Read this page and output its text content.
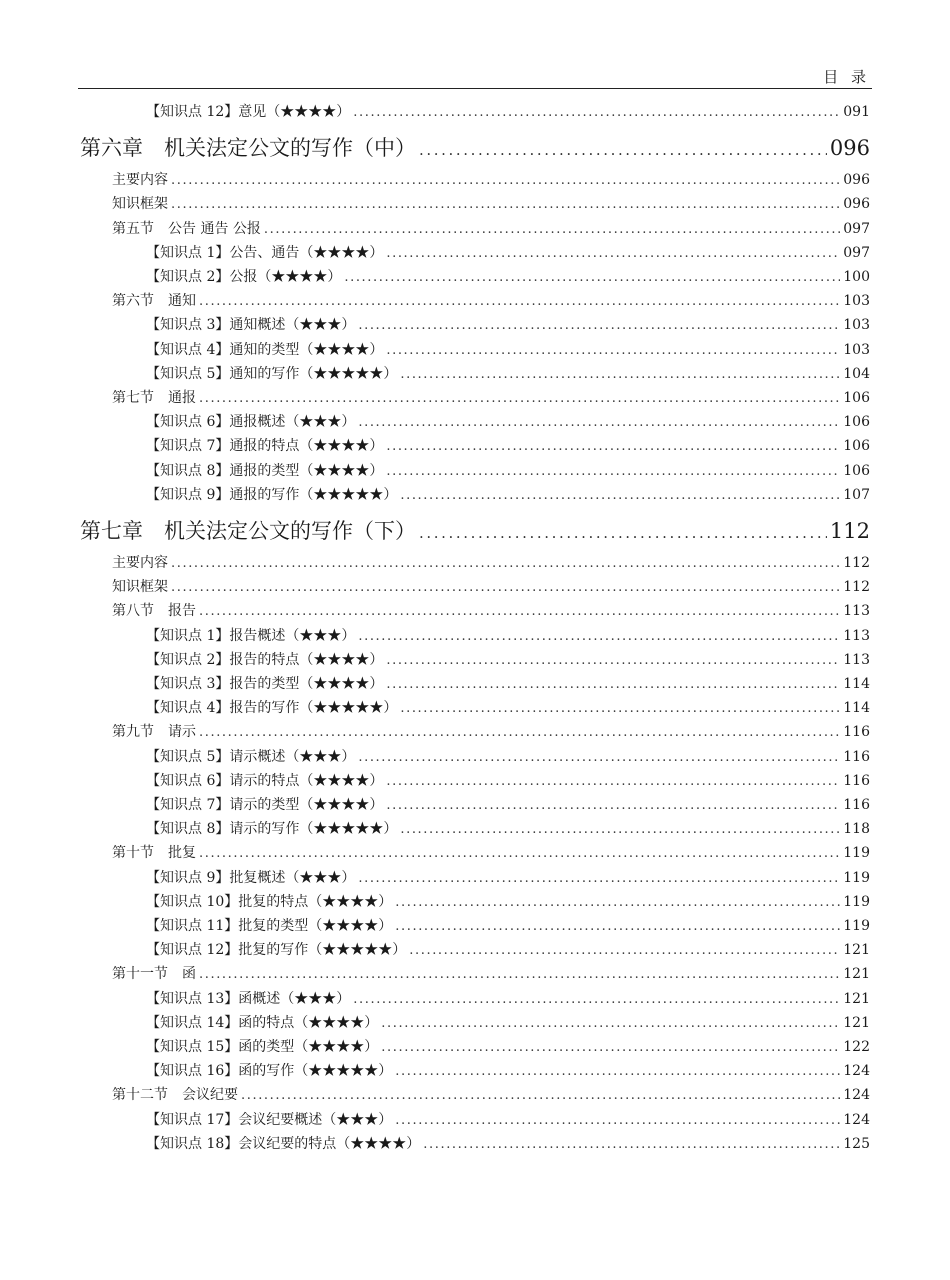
目 录
【知识点 12】意见（★★★★） .....	091
第六章　机关法定公文的写作（中） .....	096
主要内容 .....	096
知识框架 .....	096
第五节　公告 通告 公报 .....	097
【知识点 1】公告、通告（★★★★） .....	097
【知识点 2】公报（★★★★） .....	100
第六节　通知 .....	103
【知识点 3】通知概述（★★★） .....	103
【知识点 4】通知的类型（★★★★） .....	103
【知识点 5】通知的写作（★★★★★） .....	104
第七节　通报 .....	106
【知识点 6】通报概述（★★★） .....	106
【知识点 7】通报的特点（★★★★） .....	106
【知识点 8】通报的类型（★★★★） .....	106
【知识点 9】通报的写作（★★★★★） .....	107
第七章　机关法定公文的写作（下） .....	112
主要内容 .....	112
知识框架 .....	112
第八节　报告 .....	113
【知识点 1】报告概述（★★★） .....	113
【知识点 2】报告的特点（★★★★） .....	113
【知识点 3】报告的类型（★★★★） .....	114
【知识点 4】报告的写作（★★★★★） .....	114
第九节　请示 .....	116
【知识点 5】请示概述（★★★） .....	116
【知识点 6】请示的特点（★★★★） .....	116
【知识点 7】请示的类型（★★★★） .....	116
【知识点 8】请示的写作（★★★★★） .....	118
第十节　批复 .....	119
【知识点 9】批复概述（★★★） .....	119
【知识点 10】批复的特点（★★★★） .....	119
【知识点 11】批复的类型（★★★★） .....	119
【知识点 12】批复的写作（★★★★★） .....	121
第十一节　函 .....	121
【知识点 13】函概述（★★★） .....	121
【知识点 14】函的特点（★★★★） .....	121
【知识点 15】函的类型（★★★★） .....	122
【知识点 16】函的写作（★★★★★） .....	124
第十二节　会议纪要 .....	124
【知识点 17】会议纪要概述（★★★） .....	124
【知识点 18】会议纪要的特点（★★★★） .....	125
